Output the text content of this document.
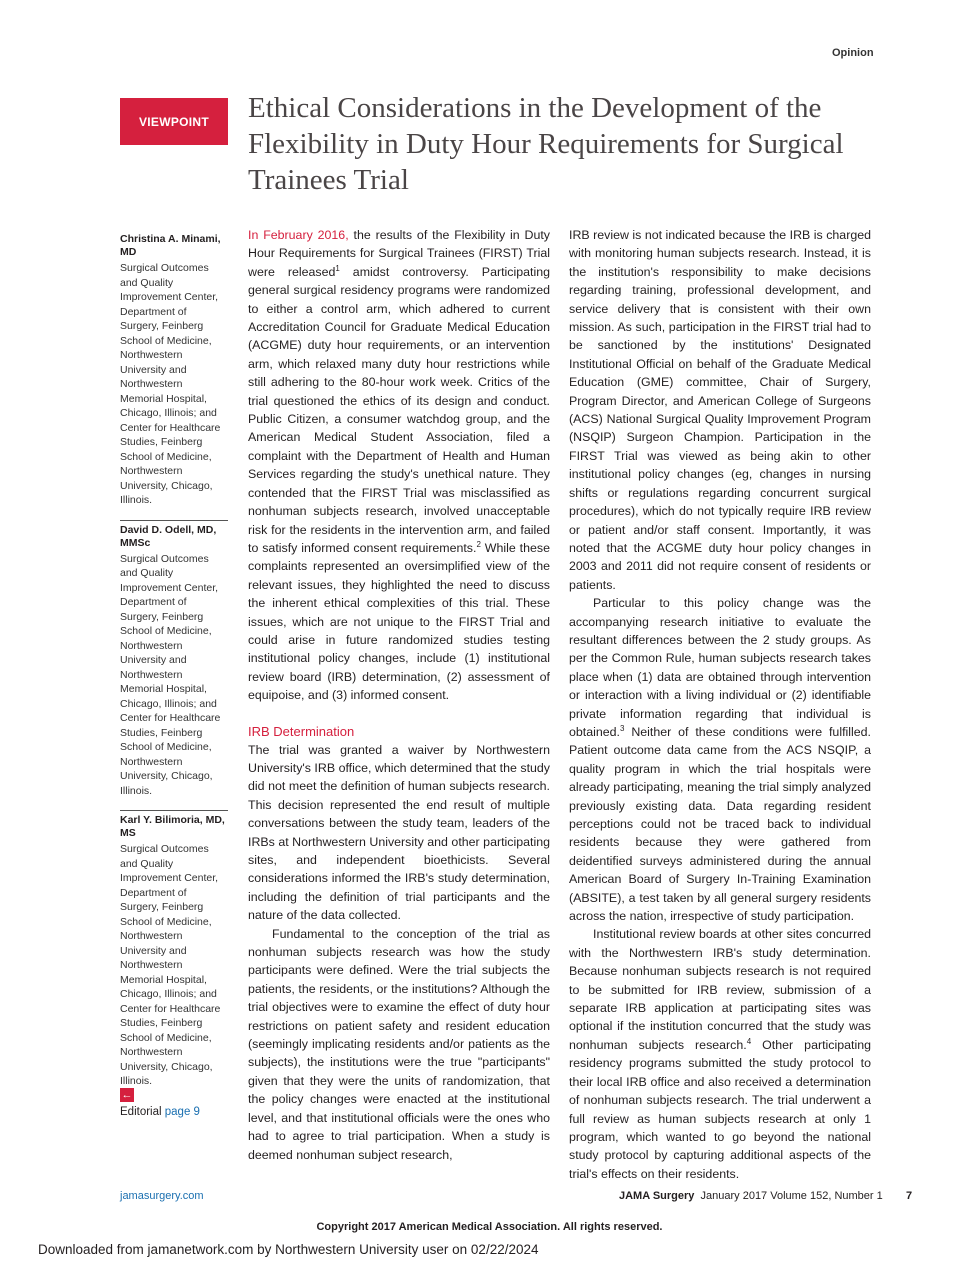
Opinion
VIEWPOINT	Ethical Considerations in the Development of the Flexibility in Duty Hour Requirements for Surgical Trainees Trial
Christina A. Minami, MD
Surgical Outcomes and Quality Improvement Center, Department of Surgery, Feinberg School of Medicine, Northwestern University and Northwestern Memorial Hospital, Chicago, Illinois; and Center for Healthcare Studies, Feinberg School of Medicine, Northwestern University, Chicago, Illinois.
David D. Odell, MD, MMSc
Surgical Outcomes and Quality Improvement Center, Department of Surgery, Feinberg School of Medicine, Northwestern University and Northwestern Memorial Hospital, Chicago, Illinois; and Center for Healthcare Studies, Feinberg School of Medicine, Northwestern University, Chicago, Illinois.
Karl Y. Bilimoria, MD, MS
Surgical Outcomes and Quality Improvement Center, Department of Surgery, Feinberg School of Medicine, Northwestern University and Northwestern Memorial Hospital, Chicago, Illinois; and Center for Healthcare Studies, Feinberg School of Medicine, Northwestern University, Chicago, Illinois.
←
Editorial page 9

In February 2016, the results of the Flexibility in Duty Hour Requirements for Surgical Trainees (FIRST) Trial were released$^1$ amidst controversy. Participating general surgical residency programs were randomized to either a control arm, which adhered to current Accreditation Council for Graduate Medical Education (ACGME) duty hour requirements, or an intervention arm, which relaxed many duty hour restrictions while still adhering to the 80-hour work week. Critics of the trial questioned the ethics of its design and conduct. Public Citizen, a consumer watchdog group, and the American Medical Student Association, filed a complaint with the Department of Health and Human Services regarding the study's unethical nature. They contended that the FIRST Trial was misclassified as nonhuman subjects research, involved unacceptable risk for the residents in the intervention arm, and failed to satisfy informed consent requirements.$^2$ While these complaints represented an oversimplified view of the relevant issues, they highlighted the need to discuss the inherent ethical complexities of this trial. These issues, which are not unique to the FIRST Trial and could arise in future randomized studies testing institutional policy changes, include (1) institutional review board (IRB) determination, (2) assessment of equipoise, and (3) informed consent.

IRB Determination

The trial was granted a waiver by Northwestern University's IRB office, which determined that the study did not meet the definition of human subjects research. This decision represented the end result of multiple conversations between the study team, leaders of the IRBs at Northwestern University and other participating sites, and independent bioethicists. Several considerations informed the IRB's study determination, including the definition of trial participants and the nature of the data collected.

Fundamental to the conception of the trial as nonhuman subjects research was how the study participants were defined. Were the trial subjects the patients, the residents, or the institutions? Although the trial objectives were to examine the effect of duty hour restrictions on patient safety and resident education (seemingly implicating residents and/or patients as the subjects), the institutions were the true "participants" given that they were the units of randomization, that the policy changes were enacted at the institutional level, and that institutional officials were the ones who had to agree to trial participation. When a study is deemed nonhuman subject research,

IRB review is not indicated because the IRB is charged with monitoring human subjects research. Instead, it is the institution's responsibility to make decisions regarding training, professional development, and service delivery that is consistent with their own mission. As such, participation in the FIRST trial had to be sanctioned by the institutions' Designated Institutional Official on behalf of the Graduate Medical Education (GME) committee, Chair of Surgery, Program Director, and American College of Surgeons (ACS) National Surgical Quality Improvement Program (NSQIP) Surgeon Champion. Participation in the FIRST Trial was viewed as being akin to other institutional policy changes (eg, changes in nursing shifts or regulations regarding concurrent surgical procedures), which do not typically require IRB review or patient and/or staff consent. Importantly, it was noted that the ACGME duty hour policy changes in 2003 and 2011 did not require consent of residents or patients.

Particular to this policy change was the accompanying research initiative to evaluate the resultant differences between the 2 study groups. As per the Common Rule, human subjects research takes place when (1) data are obtained through intervention or interaction with a living individual or (2) identifiable private information regarding that individual is obtained.$^3$ Neither of these conditions were fulfilled. Patient outcome data came from the ACS NSQIP, a quality program in which the trial hospitals were already participating, meaning the trial simply analyzed previously existing data. Data regarding resident perceptions could not be traced back to individual residents because they were gathered from deidentified surveys administered during the annual American Board of Surgery In-Training Examination (ABSITE), a test taken by all general surgery residents across the nation, irrespective of study participation.

Institutional review boards at other sites concurred with the Northwestern IRB's study determination. Because nonhuman subjects research is not required to be submitted for IRB review, submission of a separate IRB application at participating sites was optional if the institution concurred that the study was nonhuman subjects research.$^4$ Other participating residency programs submitted the study protocol to their local IRB office and also received a determination of nonhuman subjects research. The trial underwent a full review as human subjects research at only 1 program, which wanted to go beyond the national study protocol by capturing additional aspects of the trial's effects on their residents.

jamasurgery.com	JAMA Surgery January 2017 Volume 152, Number 1 7
Copyright 2017 American Medical Association. All rights reserved.
Downloaded from jamanetwork.com by Northwestern University user on 02/22/2024
